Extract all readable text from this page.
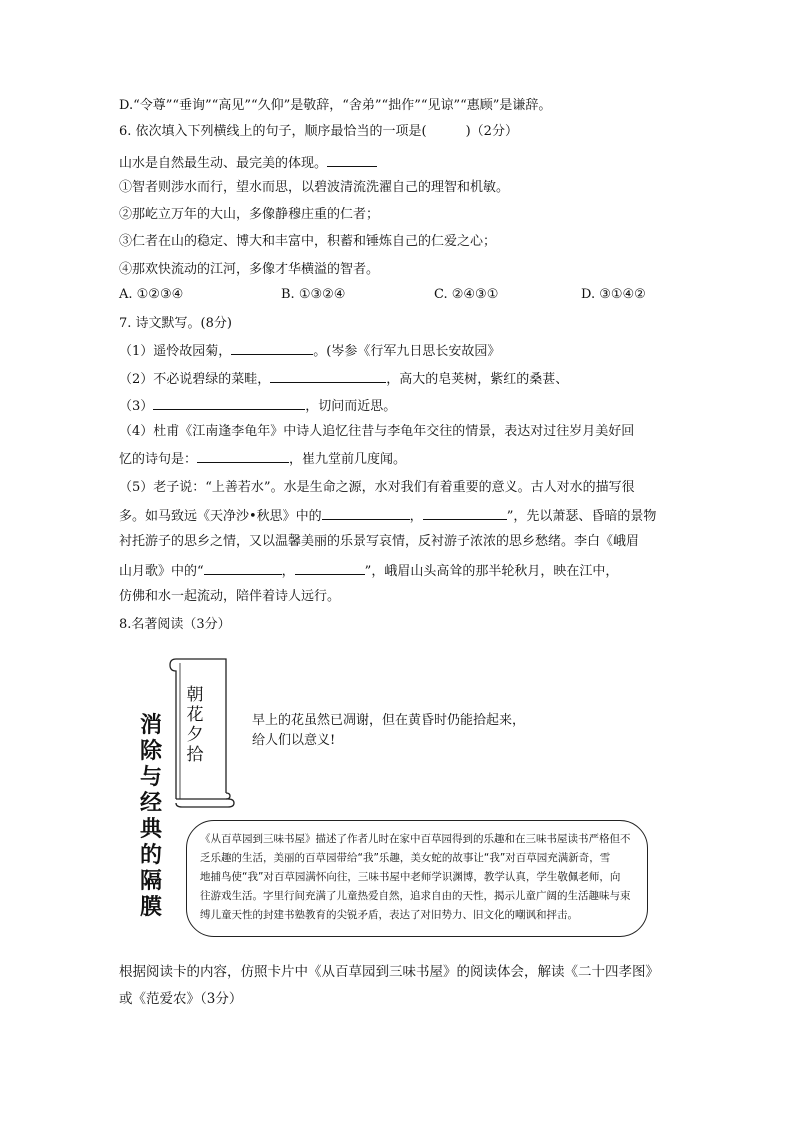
D.“令尊”“垂询”“高见”“久仰”是敬辞，“舍弟”“拙作”“见谅”“惠顾”是谦辞。
6. 依次填入下列横线上的句子，顺序最恰当的一项是(　　　)（2分）
山水是自然最生动、最完美的体现。
①智者则涉水而行，望水而思，以碧波清流洗濯自己的理智和机敏。
②那屹立万年的大山，多像静穆庄重的仁者；
③仁者在山的稳定、博大和丰富中，积蓄和锤炼自己的仁爱之心；
④那欢快流动的江河，多像才华横溢的智者。
A. ①②③④	B. ①③②④	C. ②④③①	D. ③①④②
7. 诗文默写。(8分)
（1）遥怜故园菊，	。(岑参《行军九日思长安故园》
（2）不必说碧绿的菜畦，	，高大的皂荚树，紫红的桑葚、
（3）	，切问而近思。
（4）杜甫《江南逢李龟年》中诗人追忆往昔与李龟年交往的情景，表达对过往岁月美好回
忆的诗句是：	，崔九堂前几度闻。
（5）老子说：“上善若水”。水是生命之源，水对我们有着重要的意义。古人对水的描写很
多。如马致远《天净沙•秋思》中的	，	”，先以萧瑟、昏暗的景物
衬托游子的思乡之情，又以温馨美丽的乐景写哀情，反衬游子浓浓的思乡愁绪。李白《峨眉
山月歌》中的“	，	”，峨眉山头高耸的那半轮秋月，映在江中，
仿佛和水一起流动，陪伴着诗人远行。
8.名著阅读（3分）
消
除
与
经
典
的
隔
膜
朝
花
夕
拾
早上的花虽然已凋谢，但在黄昏时仍能拾起来，
给人们以意义!
《从百草园到三味书屋》描述了作者儿时在家中百草园得到的乐趣和在三味书屋读书严格但不
乏乐趣的生活，美丽的百草园带给“我”乐趣，美女蛇的故事让“我”对百草园充满新奇，雪
地捕鸟使“我”对百草园满怀向往，三味书屋中老师学识渊博，教学认真，学生敬佩老师，向
往游戏生活。字里行间充满了儿童热爱自然，追求自由的天性，揭示儿童广阔的生活趣味与束
缚儿童天性的封建书塾教育的尖锐矛盾，表达了对旧势力、旧文化的嘲讽和抨击。
根据阅读卡的内容，仿照卡片中《从百草园到三味书屋》的阅读体会，解读《二十四孝图》
或《范爱农》（3分）
